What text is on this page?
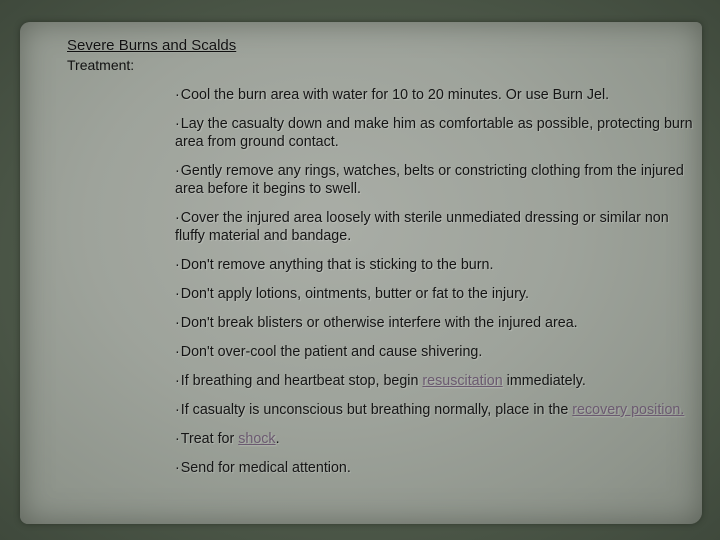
Severe Burns and Scalds

Treatment:

·Cool the burn area with water for 10 to 20 minutes. Or use Burn Jel.
·Lay the casualty down and make him as comfortable as possible, protecting burn area from ground contact.
·Gently remove any rings, watches, belts or constricting clothing from the injured area before it begins to swell.
·Cover the injured area loosely with sterile unmediated dressing or similar non fluffy material and bandage.
·Don't remove anything that is sticking to the burn.
·Don't apply lotions, ointments, butter or fat to the injury.
·Don't break blisters or otherwise interfere with the injured area.
·Don't over-cool the patient and cause shivering.
·If breathing and heartbeat stop, begin resuscitation immediately.
·If casualty is unconscious but breathing normally, place in the recovery position.
·Treat for shock.
·Send for medical attention.
